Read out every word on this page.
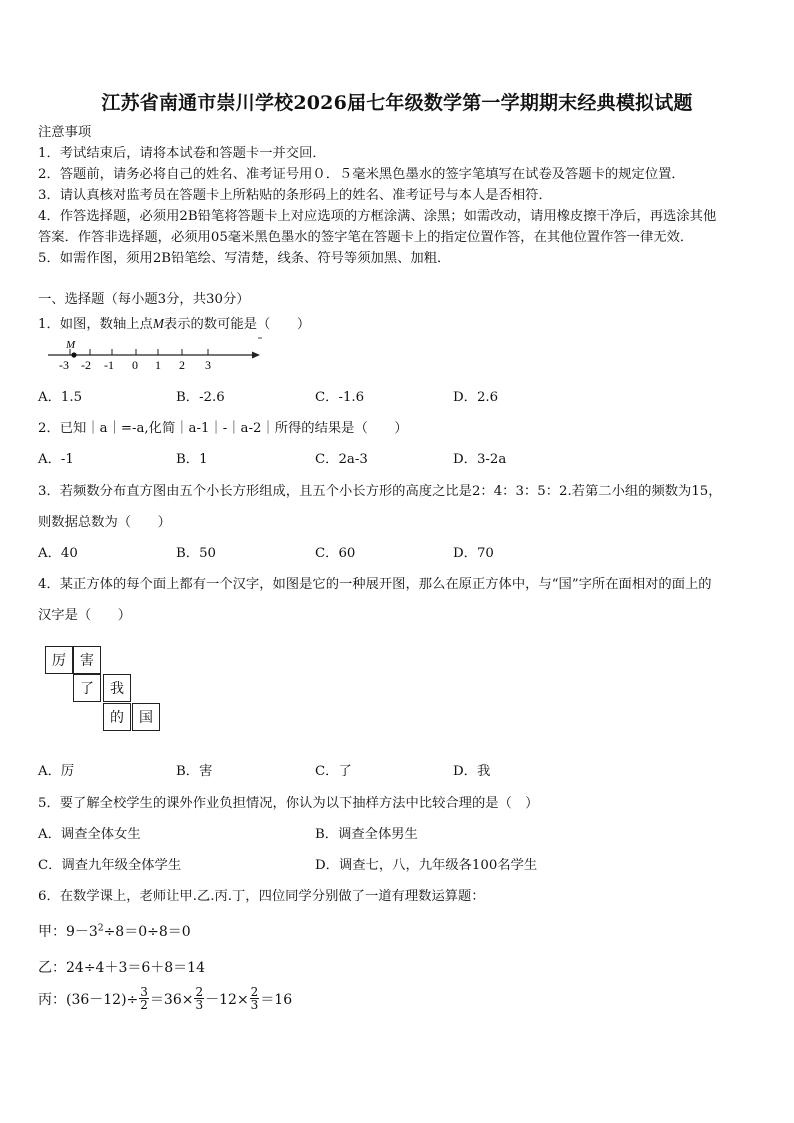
江苏省南通市崇川学校2026届七年级数学第一学期期末经典模拟试题
注意事项
1．考试结束后，请将本试卷和答题卡一并交回．
2．答题前，请务必将自己的姓名、准考证号用０．５毫米黑色墨水的签字笔填写在试卷及答题卡的规定位置．
3．请认真核对监考员在答题卡上所粘贴的条形码上的姓名、准考证号与本人是否相符．
4．作答选择题，必须用2B铅笔将答题卡上对应选项的方框涂满、涂黑；如需改动，请用橡皮擦干净后，再选涂其他
答案．作答非选择题，必须用05毫米黑色墨水的签字笔在答题卡上的指定位置作答，在其他位置作答一律无效．
5．如需作图，须用2B铅笔绘、写清楚，线条、符号等须加黑、加粗．
一、选择题（每小题3分，共30分）
1．如图，数轴上点M表示的数可能是（　　）
M
-3 -2 -1 0 1 2 3
A．1.5	B．-2.6	C．-1.6	D．2.6
2．已知｜a｜=-a,化简｜a-1｜-｜a-2｜所得的结果是（　　）
A．-1	B．1	C．2a-3	D．3-2a
3．若频数分布直方图由五个小长方形组成，且五个小长方形的高度之比是2：4：3：5：2.若第二小组的频数为15，
则数据总数为（　　）
A．40	B．50	C．60	D．70
4．某正方体的每个面上都有一个汉字，如图是它的一种展开图，那么在原正方体中，与“国”字所在面相对的面上的
汉字是（　　）
厉	害
了	我
的	国
A．厉	B．害	C．了	D．我
5．要了解全校学生的课外作业负担情况，你认为以下抽样方法中比较合理的是（　）
A．调查全体女生	B．调查全体男生
C．调查九年级全体学生	D．调查七，八，九年级各100名学生
6．在数学课上，老师让甲.乙.丙.丁，四位同学分别做了一道有理数运算题：
甲：$9-3^2\div 8=0\div 8=0$
乙：24÷4＋3＝6＋8＝14
丙： $(36-12)\div \frac{3}{2} =36\times \frac{2}{3} -12\times \frac{2}{3} =16$
